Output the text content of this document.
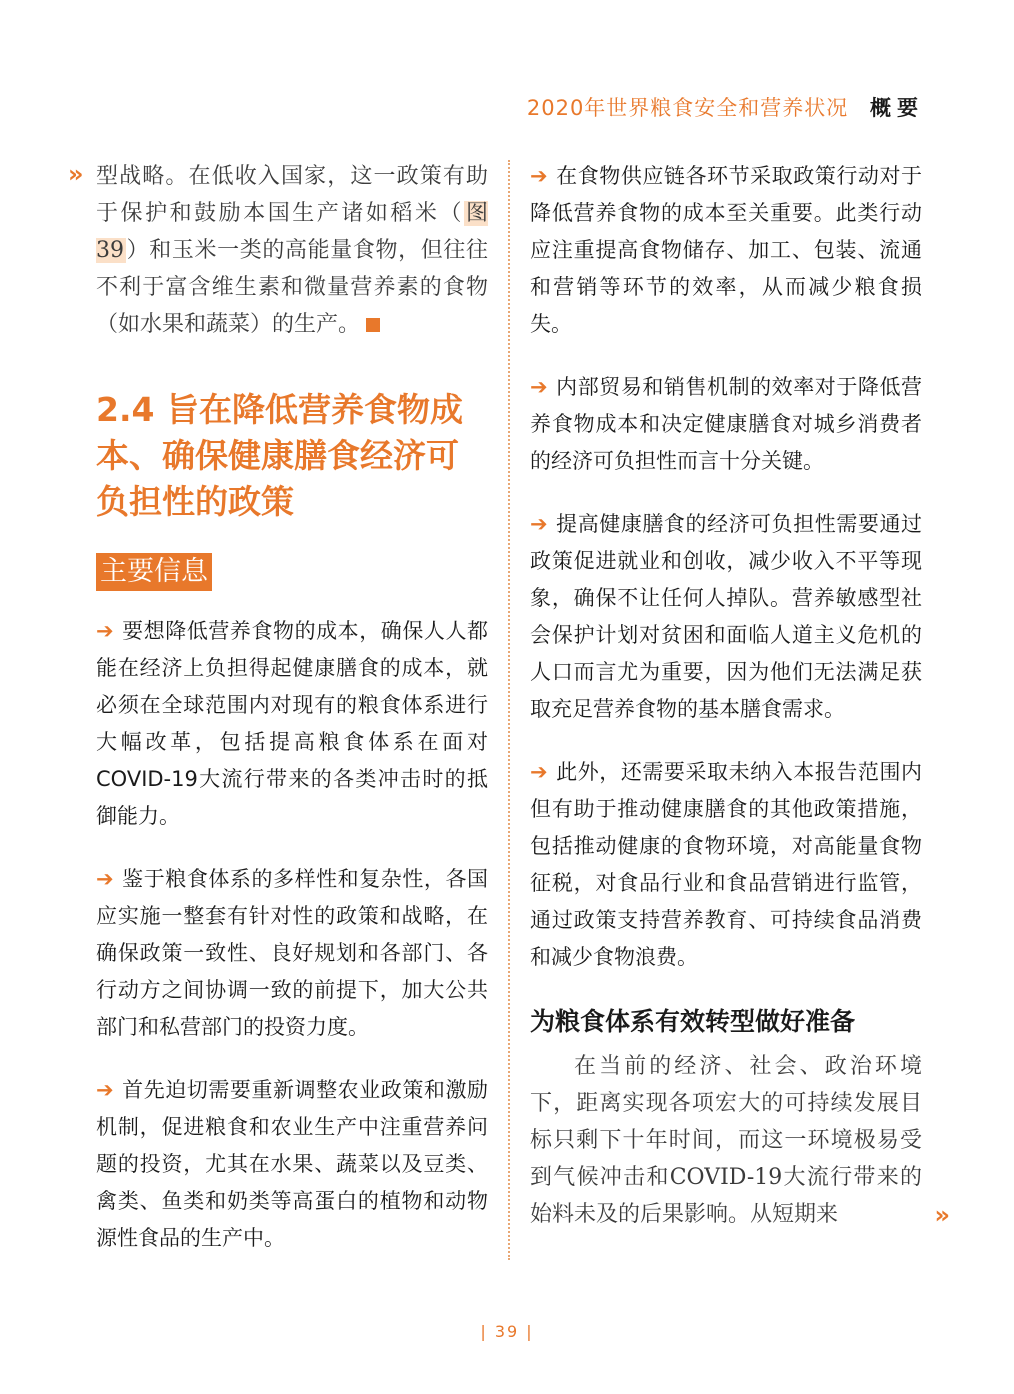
2020年世界粮食安全和营养状况 概要
» 型战略。在低收入国家，这一政策有助于保护和鼓励本国生产诸如稻米（图39）和玉米一类的高能量食物，但往往不利于富含维生素和微量营养素的食物（如水果和蔬菜）的生产。

2.4 旨在降低营养食物成本、确保健康膳食经济可负担性的政策
主要信息

➔ 要想降低营养食物的成本，确保人人都能在经济上负担得起健康膳食的成本，就必须在全球范围内对现有的粮食体系进行大幅改革，包括提高粮食体系在面对COVID-19大流行带来的各类冲击时的抵御能力。

➔ 鉴于粮食体系的多样性和复杂性，各国应实施一整套有针对性的政策和战略，在确保政策一致性、良好规划和各部门、各行动方之间协调一致的前提下，加大公共部门和私营部门的投资力度。

➔ 首先迫切需要重新调整农业政策和激励机制，促进粮食和农业生产中注重营养问题的投资，尤其在水果、蔬菜以及豆类、禽类、鱼类和奶类等高蛋白的植物和动物源性食品的生产中。

➔ 在食物供应链各环节采取政策行动对于降低营养食物的成本至关重要。此类行动应注重提高食物储存、加工、包装、流通和营销等环节的效率，从而减少粮食损失。

➔ 内部贸易和销售机制的效率对于降低营养食物成本和决定健康膳食对城乡消费者的经济可负担性而言十分关键。

➔ 提高健康膳食的经济可负担性需要通过政策促进就业和创收，减少收入不平等现象，确保不让任何人掉队。营养敏感型社会保护计划对贫困和面临人道主义危机的人口而言尤为重要，因为他们无法满足获取充足营养食物的基本膳食需求。

➔ 此外，还需要采取未纳入本报告范围内但有助于推动健康膳食的其他政策措施，包括推动健康的食物环境，对高能量食物征税，对食品行业和食品营销进行监管，通过政策支持营养教育、可持续食品消费和减少食物浪费。

为粮食体系有效转型做好准备

在当前的经济、社会、政治环境下，距离实现各项宏大的可持续发展目标只剩下十年时间，而这一环境极易受到气候冲击和COVID-19大流行带来的始料未及的后果影响。从短期来	»
| 39 |
